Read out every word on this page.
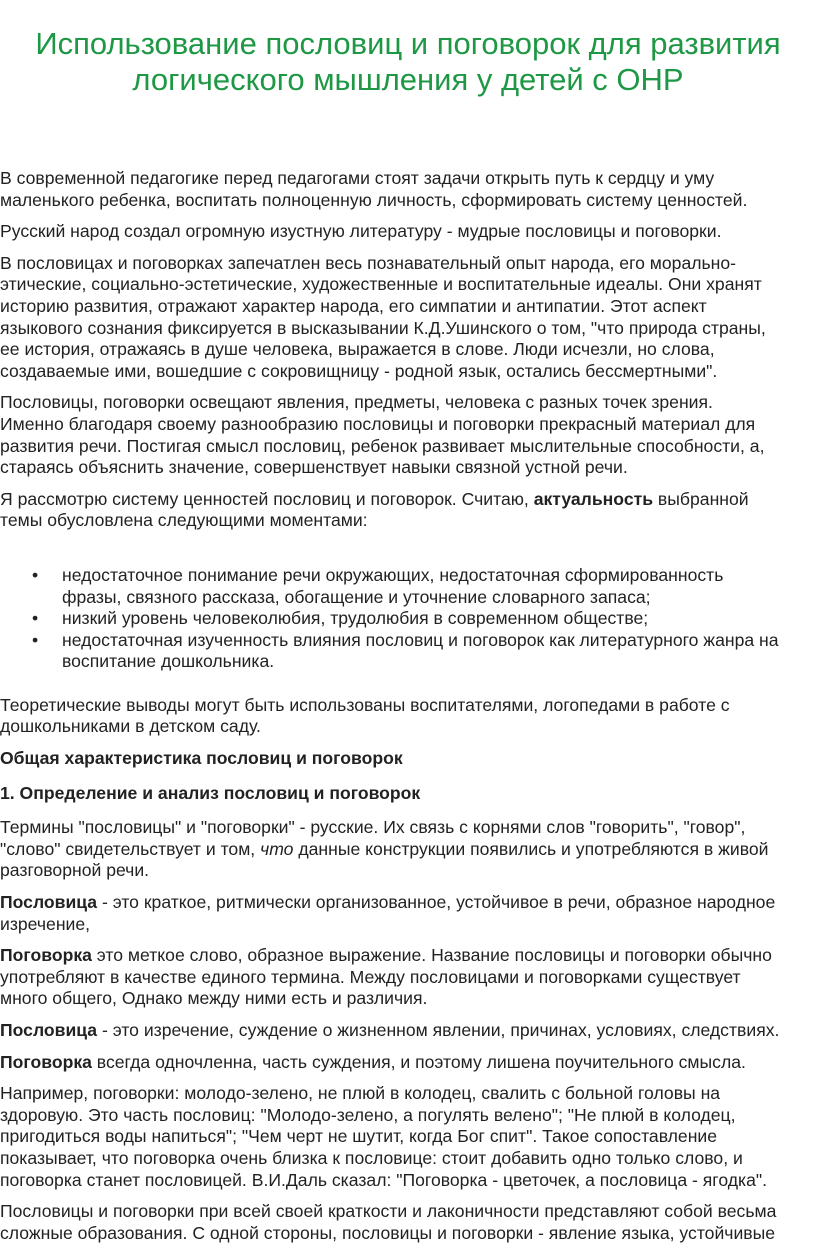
Использование пословиц и поговорок для развития
логического мышления у детей с ОНР

В современной педагогике перед педагогами стоят задачи открыть путь к сердцу и уму
маленького ребенка, воспитать полноценную личность, сформировать систему ценностей.

Русский народ создал огромную изустную литературу - мудрые пословицы и поговорки.

В пословицах и поговорках запечатлен весь познавательный опыт народа, его морально-
этические, социально-эстетические, художественные и воспитательные идеалы. Они хранят
историю развития, отражают характер народа, его симпатии и антипатии. Этот аспект
языкового сознания фиксируется в высказывании К.Д.Ушинского о том, "что природа страны,
ее история, отражаясь в душе человека, выражается в слове. Люди исчезли, но слова,
создаваемые ими, вошедшие с сокровищницу - родной язык, остались бессмертными".

Пословицы, поговорки освещают явления, предметы, человека с разных точек зрения.
Именно благодаря своему разнообразию пословицы и поговорки прекрасный материал для
развития речи. Постигая смысл пословиц, ребенок развивает мыслительные способности, а,
стараясь объяснить значение, совершенствует навыки связной устной речи.

Я рассмотрю систему ценностей пословиц и поговорок. Считаю, актуальность выбранной
темы обусловлена следующими моментами:

• недостаточное понимание речи окружающих, недостаточная сформированность
фразы, связного рассказа, обогащение и уточнение словарного запаса;
• низкий уровень человеколюбия, трудолюбия в современном обществе;
• недостаточная изученность влияния пословиц и поговорок как литературного жанра на
воспитание дошкольника.

Теоретические выводы могут быть использованы воспитателями, логопедами в работе с
дошкольниками в детском саду.

Общая характеристика пословиц и поговорок

1. Определение и анализ пословиц и поговорок

Термины "пословицы" и "поговорки" - русские. Их связь с корнями слов "говорить", "говор",
"слово" свидетельствует и том, что данные конструкции появились и употребляются в живой
разговорной речи.

Пословица - это краткое, ритмически организованное, устойчивое в речи, образное народное
изречение,

Поговорка это меткое слово, образное выражение. Название пословицы и поговорки обычно
употребляют в качестве единого термина. Между пословицами и поговорками существует
много общего, Однако между ними есть и различия.

Пословица - это изречение, суждение о жизненном явлении, причинах, условиях, следствиях.

Поговорка всегда одночленна, часть суждения, и поэтому лишена поучительного смысла.

Например, поговорки: молодо-зелено, не плюй в колодец, свалить с больной головы на
здоровую. Это часть пословиц: "Молодо-зелено, а погулять велено"; "Не плюй в колодец,
пригодиться воды напиться"; "Чем черт не шутит, когда Бог спит". Такое сопоставление
показывает, что поговорка очень близка к пословице: стоит добавить одно только слово, и
поговорка станет пословицей. В.И.Даль сказал: "Поговорка - цветочек, а пословица - ягодка".

Пословицы и поговорки при всей своей краткости и лаконичности представляют собой весьма
сложные образования. С одной стороны, пословицы и поговорки - явление языка, устойчивые
